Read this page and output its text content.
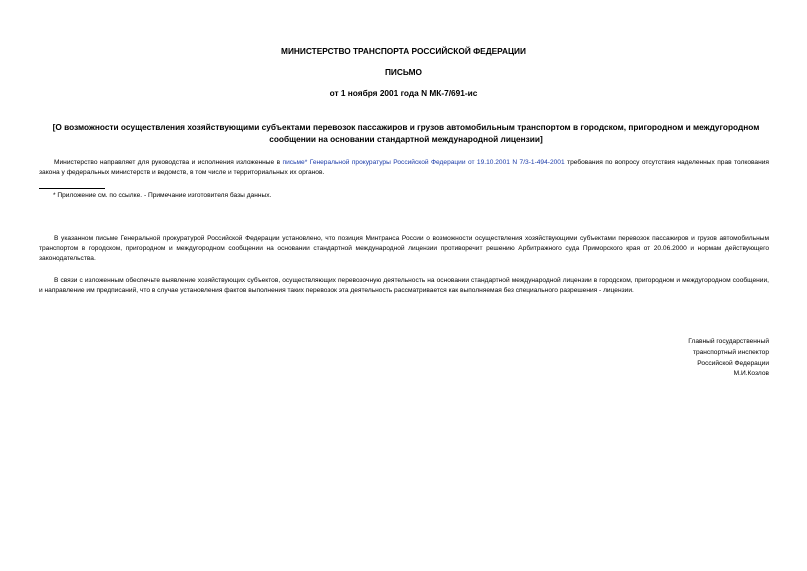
МИНИСТЕРСТВО ТРАНСПОРТА РОССИЙСКОЙ ФЕДЕРАЦИИ
ПИСЬМО
от 1 ноября 2001 года N МК-7/691-ис
[О возможности осуществления хозяйствующими субъектами перевозок пассажиров и грузов автомобильным транспортом в городском, пригородном и междугородном сообщении на основании стандартной международной лицензии]
Министерство направляет для руководства и исполнения изложенные в письме* Генеральной прокуратуры Российской Федерации от 19.10.2001 N 7/3-1-494-2001 требования по вопросу отсутствия наделенных прав толкования закона у федеральных министерств и ведомств, в том числе и территориальных их органов.
* Приложение см. по ссылке. - Примечание изготовителя базы данных.
В указанном письме Генеральной прокуратурой Российской Федерации установлено, что позиция Минтранса России о возможности осуществления хозяйствующими субъектами перевозок пассажиров и грузов автомобильным транспортом в городском, пригородном и междугородном сообщении на основании стандартной международной лицензии противоречит решению Арбитражного суда Приморского края от 20.06.2000 и нормам действующего законодательства.
В связи с изложенным обеспечьте выявление хозяйствующих субъектов, осуществляющих перевозочную деятельность на основании стандартной международной лицензии в городском, пригородном и междугородном сообщении, и направление им предписаний, что в случае установления фактов выполнения таких перевозок эта деятельность рассматривается как выполняемая без специального разрешения - лицензии.
Главный государственный
транспортный инспектор
Российской Федерации
М.И.Козлов
